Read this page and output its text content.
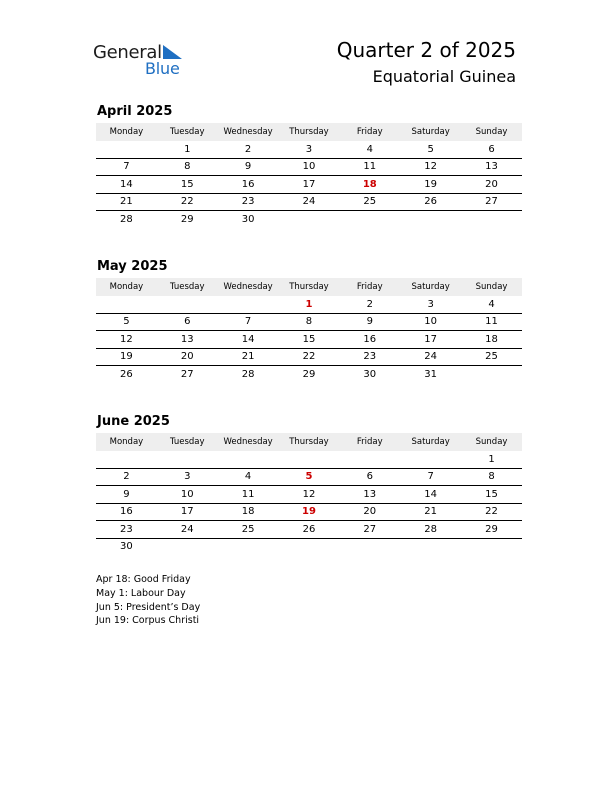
General
Blue
Quarter 2 of 2025
Equatorial Guinea
April 2025
Monday	Tuesday	Wednesday	Thursday	Friday	Saturday	Sunday
	1	2	3	4	5	6
7	8	9	10	11	12	13
14	15	16	17	18	19	20
21	22	23	24	25	26	27
28	29	30				
May 2025
Monday	Tuesday	Wednesday	Thursday	Friday	Saturday	Sunday
			1	2	3	4
5	6	7	8	9	10	11
12	13	14	15	16	17	18
19	20	21	22	23	24	25
26	27	28	29	30	31	
June 2025
Monday	Tuesday	Wednesday	Thursday	Friday	Saturday	Sunday
						1
2	3	4	5	6	7	8
9	10	11	12	13	14	15
16	17	18	19	20	21	22
23	24	25	26	27	28	29
30						
Apr 18: Good Friday
May 1: Labour Day
Jun 5: President’s Day
Jun 19: Corpus Christi
